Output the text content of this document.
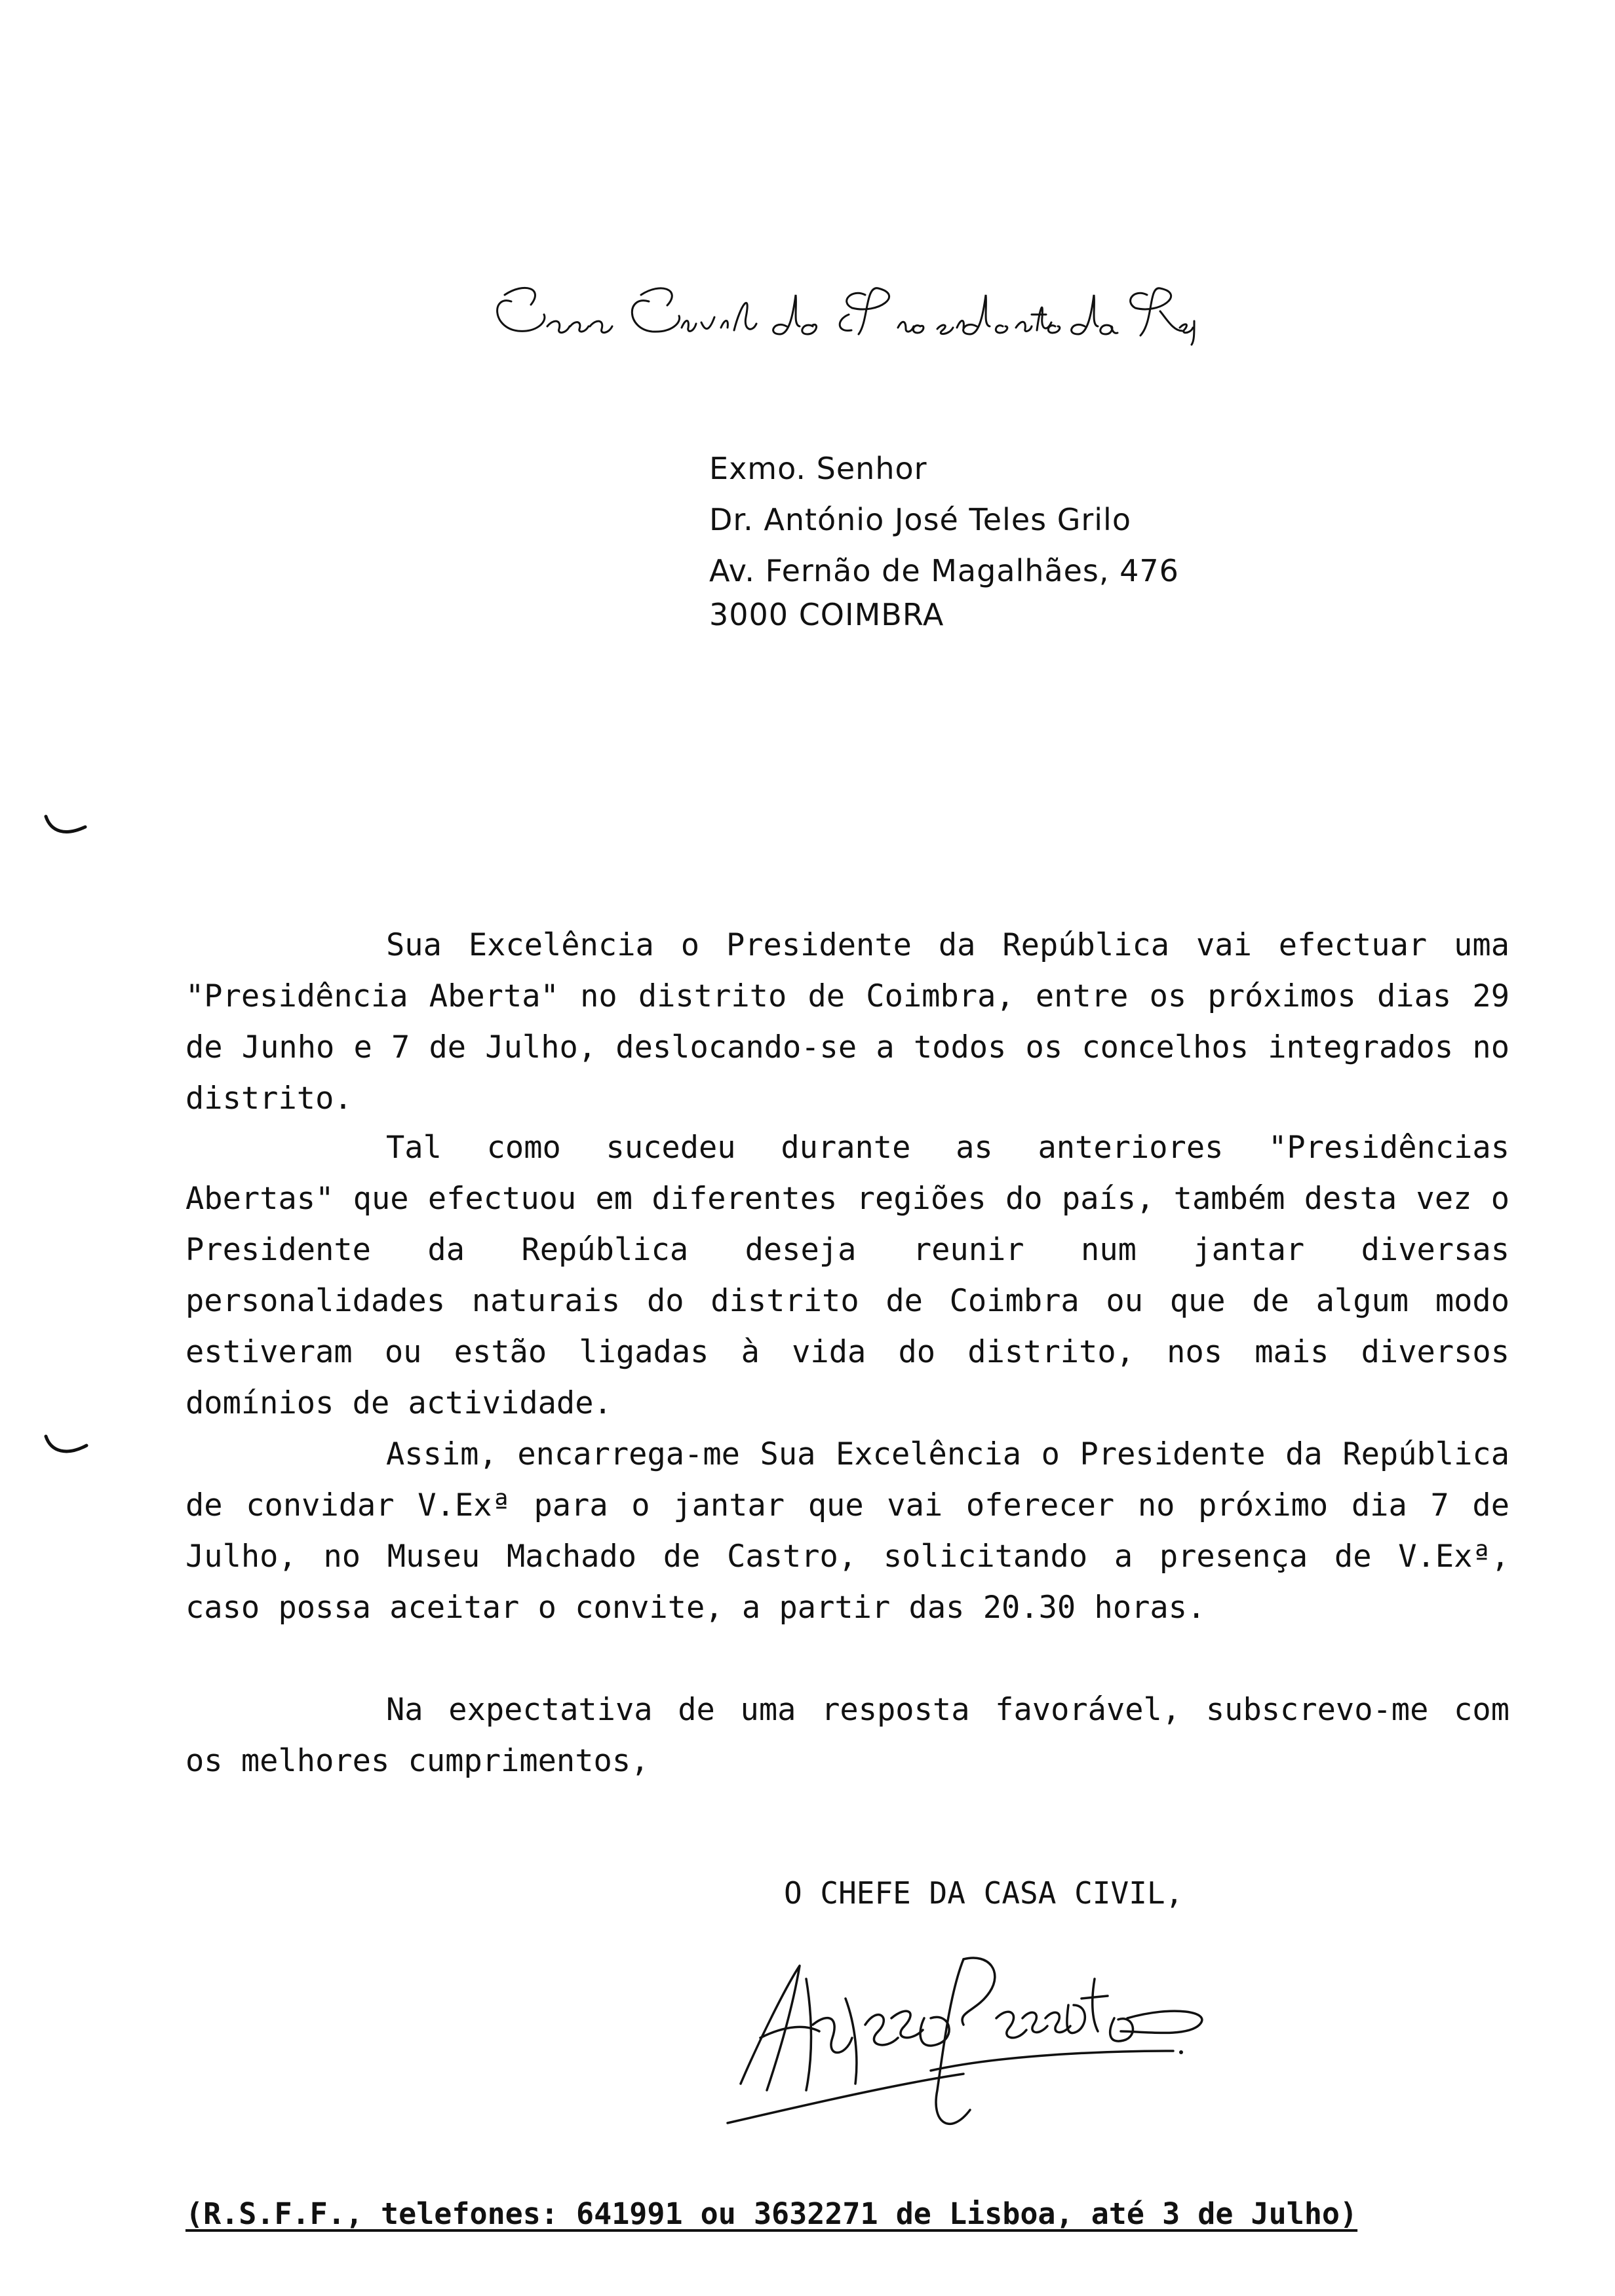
Exmo. Senhor
Dr. António José Teles Grilo
Av. Fernão de Magalhães, 476
3000 COIMBRA

Sua Excelência o Presidente da República vai efectuar uma "Presidência Aberta" no distrito de Coimbra, entre os próximos dias 29 de Junho e 7 de Julho, deslocando-se a todos os concelhos integrados no distrito.

Tal como sucedeu durante as anteriores "Presidências Abertas" que efectuou em diferentes regiões do país, também desta vez o Presidente da República deseja reunir num jantar diversas personalidades naturais do distrito de Coimbra ou que de algum modo estiveram ou estão ligadas à vida do distrito, nos mais diversos domínios de actividade.

Assim, encarrega-me Sua Excelência o Presidente da República de convidar V.Exª para o jantar que vai oferecer no próximo dia 7 de Julho, no Museu Machado de Castro, solicitando a presença de V.Exª, caso possa aceitar o convite, a partir das 20.30 horas.

Na expectativa de uma resposta favorável, subscrevo-me com os melhores cumprimentos,

O CHEFE DA CASA CIVIL,
(R.S.F.F., telefones: 641991 ou 3632271 de Lisboa, até 3 de Julho)
